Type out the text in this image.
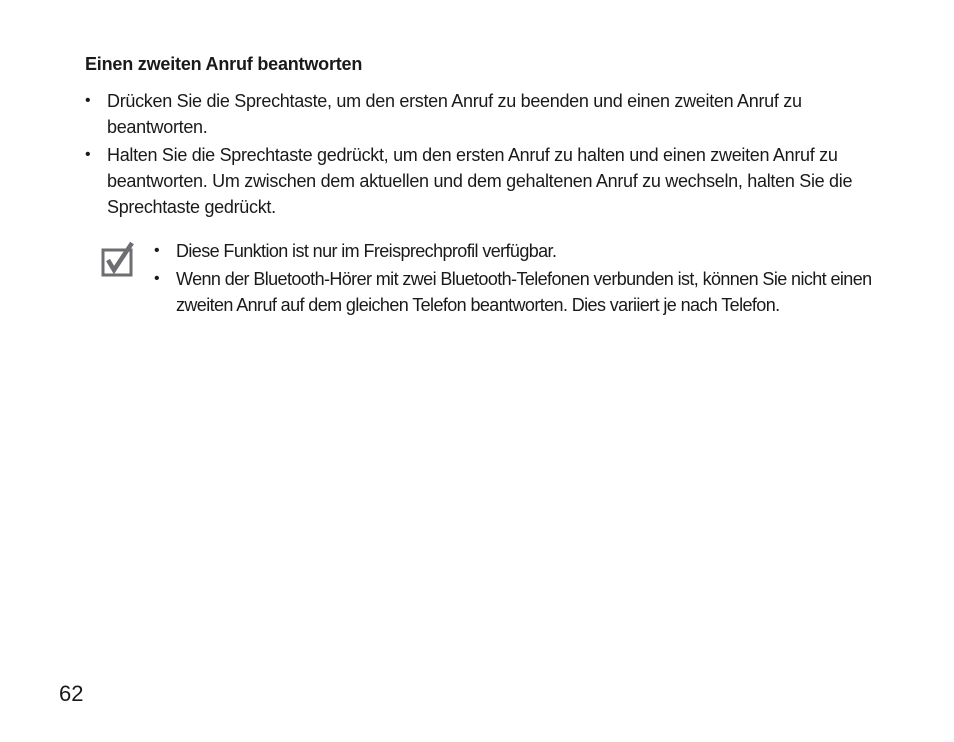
Einen zweiten Anruf beantworten
• Drücken Sie die Sprechtaste, um den ersten Anruf zu beenden und einen zweiten Anruf zu beantworten.
• Halten Sie die Sprechtaste gedrückt, um den ersten Anruf zu halten und einen zweiten Anruf zu beantworten. Um zwischen dem aktuellen und dem gehaltenen Anruf zu wechseln, halten Sie die Sprechtaste gedrückt.
• Diese Funktion ist nur im Freisprechprofil verfügbar.
• Wenn der Bluetooth-Hörer mit zwei Bluetooth-Telefonen verbunden ist, können Sie nicht einen zweiten Anruf auf dem gleichen Telefon beantworten. Dies variiert je nach Telefon.
62
